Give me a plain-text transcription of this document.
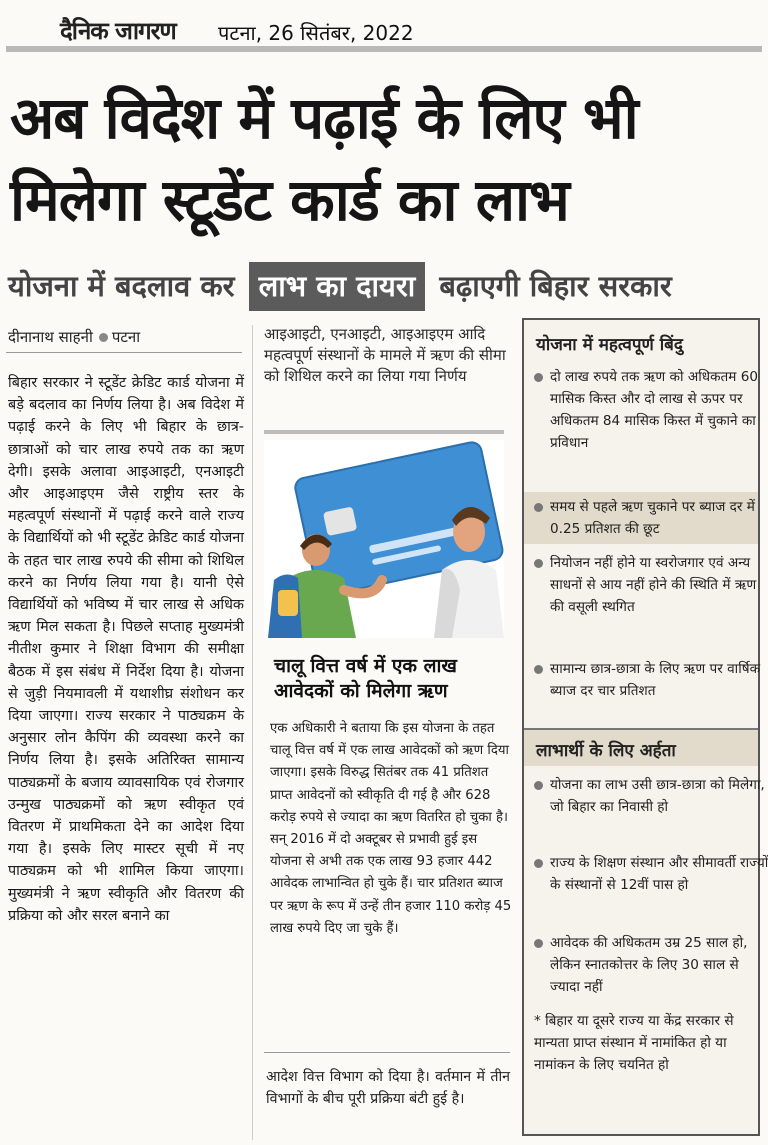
दैनिक जागरण पटना, 26 सितंबर, 2022
अब विदेश में पढ़ाई के लिए भी
मिलेगा स्टूडेंट कार्ड का लाभ
योजना में बदलाव कर लाभ का दायरा बढ़ाएगी बिहार सरकार
दीनानाथ साहनी पटना
बिहार सरकार ने स्टूडेंट क्रेडिट कार्ड योजना में बड़े बदलाव का निर्णय लिया है। अब विदेश में पढ़ाई करने के लिए भी बिहार के छात्र-छात्राओं को चार लाख रुपये तक का ऋण देगी। इसके अलावा आइआइटी, एनआइटी और आइआइएम जैसे राष्ट्रीय स्तर के महत्वपूर्ण संस्थानों में पढ़ाई करने वाले राज्य के विद्यार्थियों को भी स्टूडेंट क्रेडिट कार्ड योजना के तहत चार लाख रुपये की सीमा को शिथिल करने का निर्णय लिया गया है। यानी ऐसे विद्यार्थियों को भविष्य में चार लाख से अधिक ऋण मिल सकता है। पिछले सप्ताह मुख्यमंत्री नीतीश कुमार ने शिक्षा विभाग की समीक्षा बैठक में इस संबंध में निर्देश दिया है। योजना से जुड़ी नियमावली में यथाशीघ्र संशोधन कर दिया जाएगा। राज्य सरकार ने पाठ्यक्रम के अनुसार लोन कैपिंग की व्यवस्था करने का निर्णय लिया है। इसके अतिरिक्त सामान्य पाठ्यक्रमों के बजाय व्यावसायिक एवं रोजगार उन्मुख पाठ्यक्रमों को ऋण स्वीकृत एवं वितरण में प्राथमिकता देने का आदेश दिया गया है। इसके लिए मास्टर सूची में नए पाठ्यक्रम को भी शामिल किया जाएगा। मुख्यमंत्री ने ऋण स्वीकृति और वितरण की प्रक्रिया को और सरल बनाने का
आइआइटी, एनआइटी, आइआइएम आदि महत्वपूर्ण संस्थानों के मामले में ऋण की सीमा को शिथिल करने का लिया गया निर्णय
चालू वित्त वर्ष में एक लाख आवेदकों को मिलेगा ऋण
एक अधिकारी ने बताया कि इस योजना के तहत चालू वित्त वर्ष में एक लाख आवेदकों को ऋण दिया जाएगा। इसके विरुद्ध सितंबर तक 41 प्रतिशत प्राप्त आवेदनों को स्वीकृति दी गई है और 628 करोड़ रुपये से ज्यादा का ऋण वितरित हो चुका है। सन् 2016 में दो अक्टूबर से प्रभावी हुई इस योजना से अभी तक एक लाख 93 हजार 442 आवेदक लाभान्वित हो चुके हैं। चार प्रतिशत ब्याज पर ऋण के रूप में उन्हें तीन हजार 110 करोड़ 45 लाख रुपये दिए जा चुके हैं।
आदेश वित्त विभाग को दिया है। वर्तमान में तीन विभागों के बीच पूरी प्रक्रिया बंटी हुई है।
योजना में महत्वपूर्ण बिंदु
दो लाख रुपये तक ऋण को अधिकतम 60 मासिक किस्त और दो लाख से ऊपर पर अधिकतम 84 मासिक किस्त में चुकाने का प्रविधान
समय से पहले ऋण चुकाने पर ब्याज दर में 0.25 प्रतिशत की छूट
नियोजन नहीं होने या स्वरोजगार एवं अन्य साधनों से आय नहीं होने की स्थिति में ऋण की वसूली स्थगित
सामान्य छात्र-छात्रा के लिए ऋण पर वार्षिक ब्याज दर चार प्रतिशत
लाभार्थी के लिए अर्हता
योजना का लाभ उसी छात्र-छात्रा को मिलेगा, जो बिहार का निवासी हो
राज्य के शिक्षण संस्थान और सीमावर्ती राज्यों के संस्थानों से 12वीं पास हो
आवेदक की अधिकतम उम्र 25 साल हो, लेकिन स्नातकोत्तर के लिए 30 साल से ज्यादा नहीं
* बिहार या दूसरे राज्य या केंद्र सरकार से मान्यता प्राप्त संस्थान में नामांकित हो या नामांकन के लिए चयनित हो
